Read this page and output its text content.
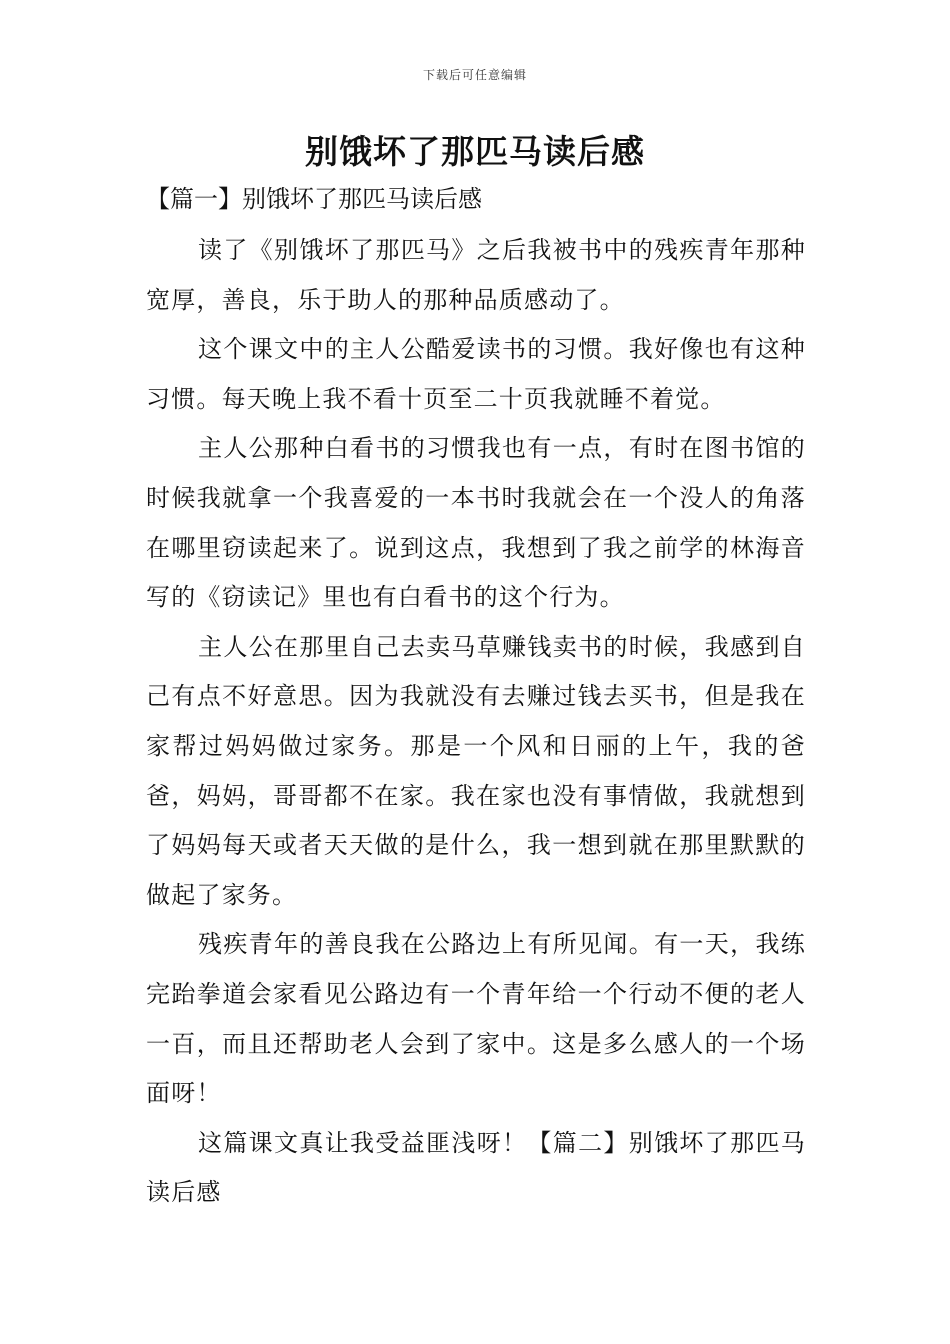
下载后可任意编辑
别饿坏了那匹马读后感
【篇一】别饿坏了那匹马读后感

读了《别饿坏了那匹马》之后我被书中的残疾青年那种宽厚，善良，乐于助人的那种品质感动了。

这个课文中的主人公酷爱读书的习惯。我好像也有这种习惯。每天晚上我不看十页至二十页我就睡不着觉。

主人公那种白看书的习惯我也有一点，有时在图书馆的时候我就拿一个我喜爱的一本书时我就会在一个没人的角落在哪里窃读起来了。说到这点，我想到了我之前学的林海音写的《窃读记》里也有白看书的这个行为。

主人公在那里自己去卖马草赚钱卖书的时候，我感到自己有点不好意思。因为我就没有去赚过钱去买书，但是我在家帮过妈妈做过家务。那是一个风和日丽的上午，我的爸爸，妈妈，哥哥都不在家。我在家也没有事情做，我就想到了妈妈每天或者天天做的是什么，我一想到就在那里默默的做起了家务。

残疾青年的善良我在公路边上有所见闻。有一天，我练完跆拳道会家看见公路边有一个青年给一个行动不便的老人一百，而且还帮助老人会到了家中。这是多么感人的一个场面呀！

这篇课文真让我受益匪浅呀！【篇二】别饿坏了那匹马读后感
